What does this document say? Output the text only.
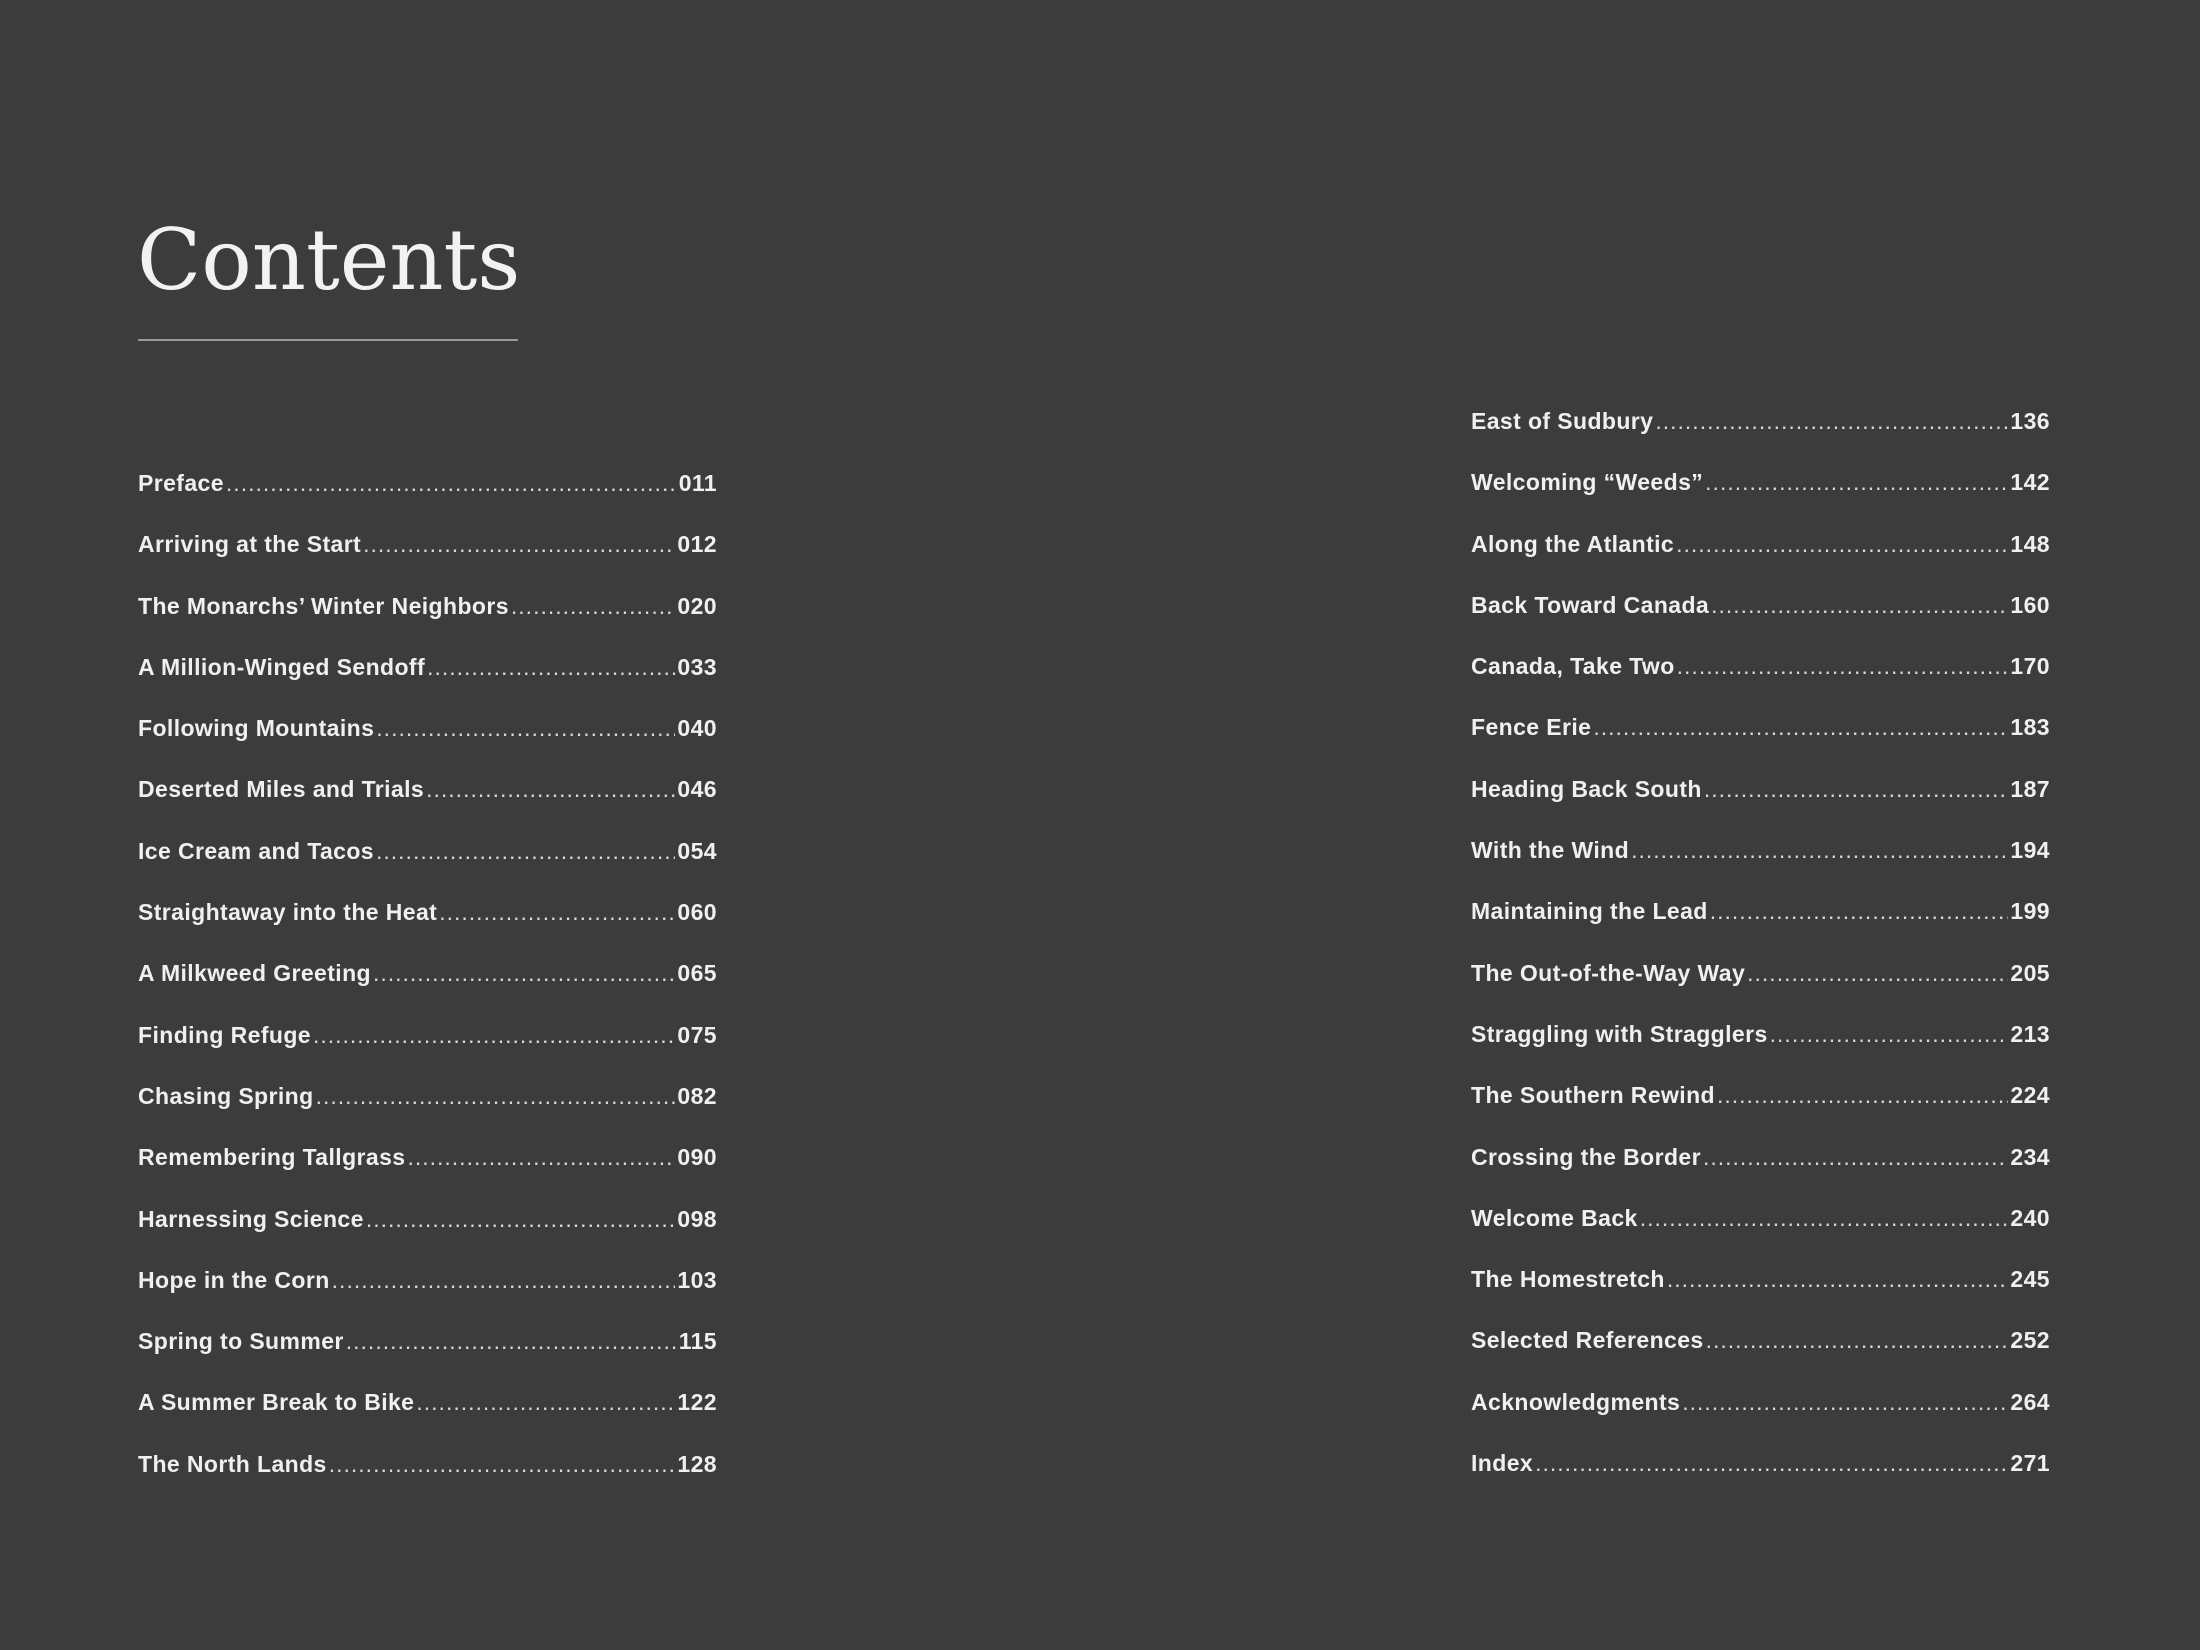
Contents
Preface .....	011
Arriving at the Start .....	012
The Monarchs’ Winter Neighbors .....	020
A Million-Winged Sendoff .....	033
Following Mountains .....	040
Deserted Miles and Trials .....	046
Ice Cream and Tacos .....	054
Straightaway into the Heat .....	060
A Milkweed Greeting .....	065
Finding Refuge .....	075
Chasing Spring .....	082
Remembering Tallgrass .....	090
Harnessing Science .....	098
Hope in the Corn .....	103
Spring to Summer .....	115
A Summer Break to Bike .....	122
The North Lands .....	128
East of Sudbury .....	136
Welcoming “Weeds” .....	142
Along the Atlantic .....	148
Back Toward Canada .....	160
Canada, Take Two .....	170
Fence Erie .....	183
Heading Back South .....	187
With the Wind .....	194
Maintaining the Lead .....	199
The Out-of-the-Way Way .....	205
Straggling with Stragglers .....	213
The Southern Rewind .....	224
Crossing the Border .....	234
Welcome Back .....	240
The Homestretch .....	245
Selected References .....	252
Acknowledgments .....	264
Index .....	271
